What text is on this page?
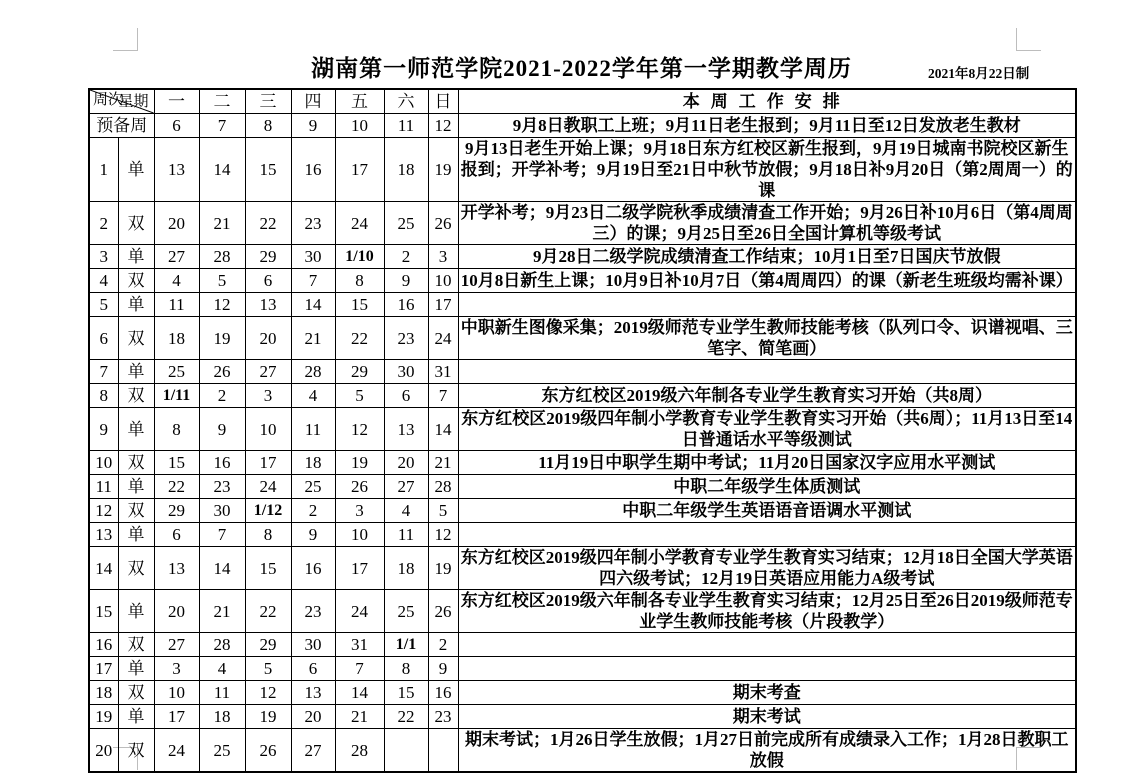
湖南第一师范学院2021-2022学年第一学期教学周历	2021年8月22日制
星期
周次		一	二	三	四	五	六	日	本周工作安排
预备周		6	7	8	9	10	11	12	9月8日教职工上班；9月11日老生报到；9月11日至12日发放老生教材
1	单	13	14	15	16	17	18	19	9月13日老生开始上课；9月18日东方红校区新生报到，9月19日城南书院校区新生报到；开学补考；9月19日至21日中秋节放假；9月18日补9月20日（第2周周一）的课
2	双	20	21	22	23	24	25	26	开学补考；9月23日二级学院秋季成绩清查工作开始；9月26日补10月6日（第4周周三）的课；9月25日至26日全国计算机等级考试
3	单	27	28	29	30	1/10	2	3	9月28日二级学院成绩清查工作结束；10月1日至7日国庆节放假
4	双	4	5	6	7	8	9	10	10月8日新生上课；10月9日补10月7日（第4周周四）的课（新老生班级均需补课）
5	单	11	12	13	14	15	16	17	
6	双	18	19	20	21	22	23	24	中职新生图像采集；2019级师范专业学生教师技能考核（队列口令、识谱视唱、三笔字、简笔画）
7	单	25	26	27	28	29	30	31	
8	双	1/11	2	3	4	5	6	7	东方红校区2019级六年制各专业学生教育实习开始（共8周）
9	单	8	9	10	11	12	13	14	东方红校区2019级四年制小学教育专业学生教育实习开始（共6周）；11月13日至14日普通话水平等级测试
10	双	15	16	17	18	19	20	21	11月19日中职学生期中考试；11月20日国家汉字应用水平测试
11	单	22	23	24	25	26	27	28	中职二年级学生体质测试
12	双	29	30	1/12	2	3	4	5	中职二年级学生英语语音语调水平测试
13	单	6	7	8	9	10	11	12	
14	双	13	14	15	16	17	18	19	东方红校区2019级四年制小学教育专业学生教育实习结束；12月18日全国大学英语四六级考试；12月19日英语应用能力A级考试
15	单	20	21	22	23	24	25	26	东方红校区2019级六年制各专业学生教育实习结束；12月25日至26日2019级师范专业学生教师技能考核（片段教学）
16	双	27	28	29	30	31	1/1	2	
17	单	3	4	5	6	7	8	9	
18	双	10	11	12	13	14	15	16	期末考查
19	单	17	18	19	20	21	22	23	期末考试
20	双	24	25	26	27	28			期末考试；1月26日学生放假；1月27日前完成所有成绩录入工作；1月28日教职工放假
